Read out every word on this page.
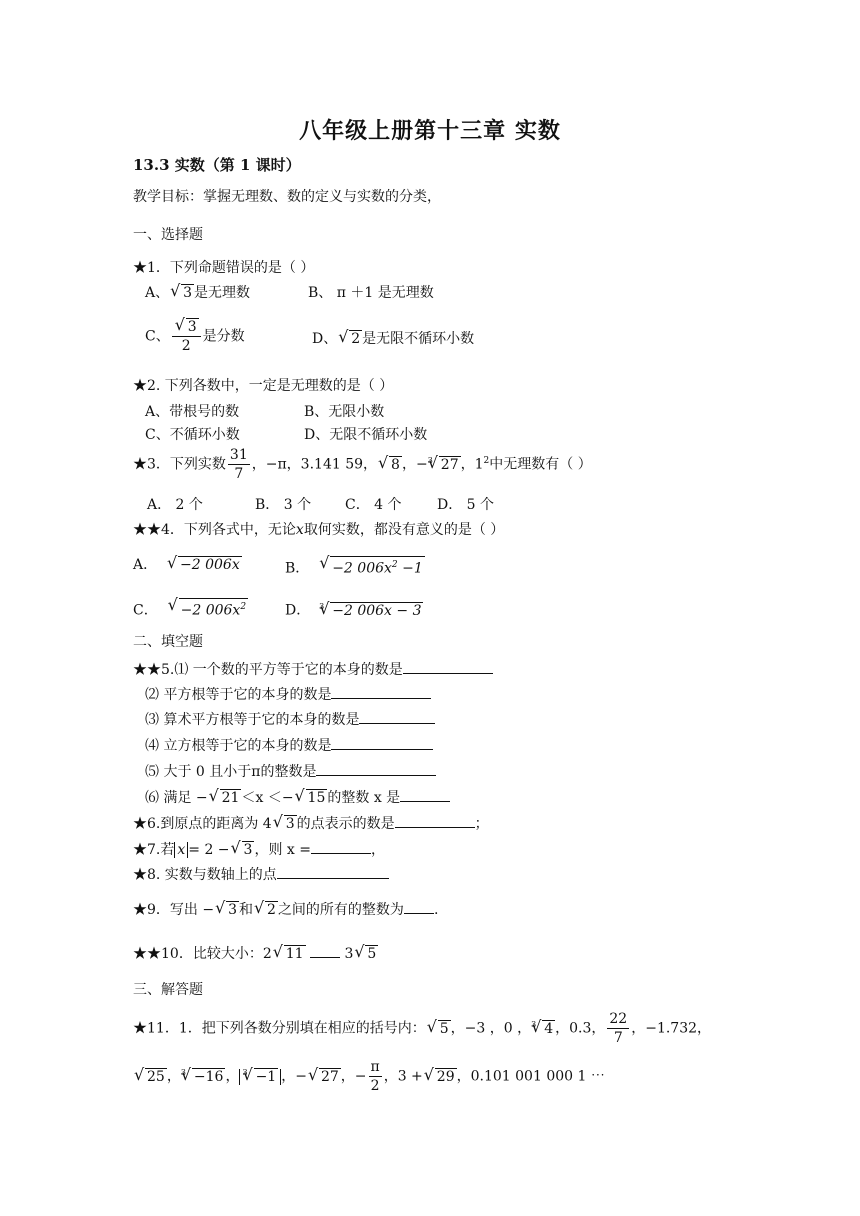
八年级上册第十三章 实数
13.3 实数（第 1 课时）
教学目标：掌握无理数、数的定义与实数的分类，
一、选择题
★1．下列命题错误的是（ ）
A、 √ 3 是无理数	B、 π ＋1 是无理数
C、 √ $\frac{3}{2}$ 是分数	D、 √ 2 是无限不循环小数
★2. 下列各数中，一定是无理数的是（ ）
A、带根号的数	B、无限小数
C、不循环小数	D、无限不循环小数
★3．下列实数 $\frac{31}{7}$ ，−π，3.141 59， √ 8 ，−$^3$ √ 27 ，$1^2$中无理数有（ ）
A． 2 个	B． 3 个 C． 4 个	D． 5 个
★★4．下列各式中，无论x取何实数，都没有意义的是（ ）
A． √ −2 006x	B． √ −2 $006x^2 -1$
C． √ −2 $006x^2$	D． $^3$ √ −2 006x − 3
二、填空题
★★5.⑴ 一个数的平方等于它的本身的数是
⑵ 平方根等于它的本身的数是
⑶ 算术平方根等于它的本身的数是
⑷ 立方根等于它的本身的数是
⑸ 大于 0 且小于π的整数是
⑹ 满足 − √ 21 ＜x ＜− √ 15 的整数 x 是
★6.到原点的距离为 4 √ 3 的点表示的数是	；
★7.若 x = 2 − √ 3 ，则 x =	，
★8. 实数与数轴上的点
★9．写出 − √ 3 和 √ 2 之间的所有的整数为 .
★★10．比较大小：2 √ 11	3 √ 5
三、解答题
★11．1．把下列各数分别填在相应的括号内： √ 5 ，−3 ，0 ，$^3$ √ 4 ，0.3， $\frac{22}{7}$ ，−1.732，
√ 25 ，$^3$ √ −16 ， $^3$ √ −1 ，− √ 27 ，− $\frac{\pi}{2}$ ，3 + √ 29 ，0.101 001 000 1 ⋯
